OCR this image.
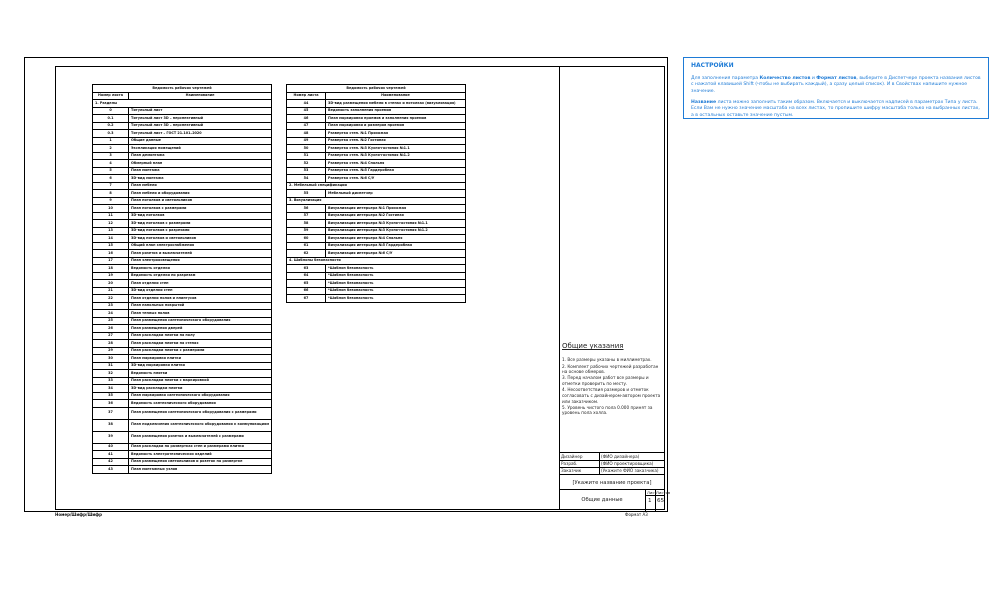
Ведомость рабочих чертежей	
Номер листа	Наименование
1. Разделы	
0	Титульный лист
0.1	Титульный лист 3D – перспективный
0.2	Титульный лист 3D – перспективный
0.3	Титульный лист – ГОСТ 21.101–2020
1	Общие данные
2	Экспликация помещений
3	План демонтажа
4	Обмерный план
5	План монтажа
6	3D-вид монтажа
7	План мебели
8	План мебели и оборудования
9	План потолков и светильников
10	План потолков с размерами
11	3D-вид потолков
12	3D-вид потолков с размерами
13	3D-вид потолков с разрезами
14	3D-вид потолков и светильников
15	Общий план электроснабжения
16	План розеток и выключателей
17	План электроосвещения
18	Ведомость отделки
19	Ведомость отделки по разрезам
20	План отделки стен
21	3D-вид отделки стен
22	План отделки полов и плинтусов
23	План напольных покрытий
24	План теплых полов
25	План размещения сантехнического оборудования
26	План размещения дверей
27	План раскладки плитки на полу
28	План раскладки плитки на стенах
29	План раскладки плитки с размерами
30	План маркировки плитки
31	3D-вид маркировки плитки
32	Ведомость плитки
33	План раскладки плитки с маркировкой
34	3D-вид раскладки плитки
35	План маркировки сантехнического оборудования
36	Ведомость сантехнического оборудования
37	План размещения сантехнического оборудования с размерами
38	План подключения сантехнического оборудования к коммуникациям
39	План размещения розеток и выключателей с размерами
40	План раскладки на развертках стен и размерами плитки
41	Ведомость электротехнических изделий
42	План размещения светильников и розеток на развертке
43	План монтажных узлов
Ведомость рабочих чертежей	
Номер листа	Наименование
44	3D-вид размещения мебели в стенах и потолках (визуализация)
45	Ведомость заполнения проемов
46	План маркировки проемов и заполнения проемов
47	План маркировки и размеров проемов
48	Развертка стен. №1 Прихожая
49	Развертка стен. №2 Гостиная
50	Развертка стен. №3 Кухня-гостиная №1.1
51	Развертка стен. №3 Кухня-гостиная №1.2
52	Развертка стен. №4 Спальня
53	Развертка стен. №5 Гардеробная
54	Развертка стен. №6 С/У
2. Мебельный спецификации	
55	Мебельный диспетчер
3. Визуализация	
56	Визуализация интерьера №1 Прихожая
57	Визуализация интерьера №2 Гостиная
58	Визуализация интерьера №3 Кухня-гостиная №1.1
59	Визуализация интерьера №3 Кухня-гостиная №1.2
60	Визуализация интерьера №4 Спальня
61	Визуализация интерьера №5 Гардеробная
62	Визуализация интерьера №6 С/У
4. Шаблоны безопасности	
63	*Шаблон безопасность
64	*Шаблон безопасность
65	*Шаблон безопасность
66	*Шаблон безопасность
67	*Шаблон безопасность
Общие указания
1. Все размеры указаны в миллиметрах.
2. Комплект рабочих чертежей разработан на основе обмеров.
3. Перед началом работ все размеры и отметки проверить по месту.
4. Несоответствия размеров и отметок согласовать с дизайнером-автором проекта или заказчиком.
5. Уровень чистого пола 0.000 принят за уровень пола холла.
Дизайнер	(ФИО дизайнера)
Разраб.	(ФИО проектировщика)
Заказчик	(Укажите ФИО заказчика)
[Укажите название проекта]
Общие данные
Лист Листов
1 65
Номер/Шифр/Шифр	Формат А3
НАСТРОЙКИ

Для заполнения параметра Количество листов и Формат листов, выберите в Диспетчере проекта названия листов с нажатой клавишей Shift (чтобы не выбирать каждый), а сразу целый список). И в Свойствах напишите нужное значение.

Название листа можно заполнить таким образом. Включается и выключается надписей в параметрах Типа у листа. Если Вам не нужно значение масштаба на всех листах, то пропишите шифру масштаба только на выбранных листах, а в остальных оставьте значение пустым.
